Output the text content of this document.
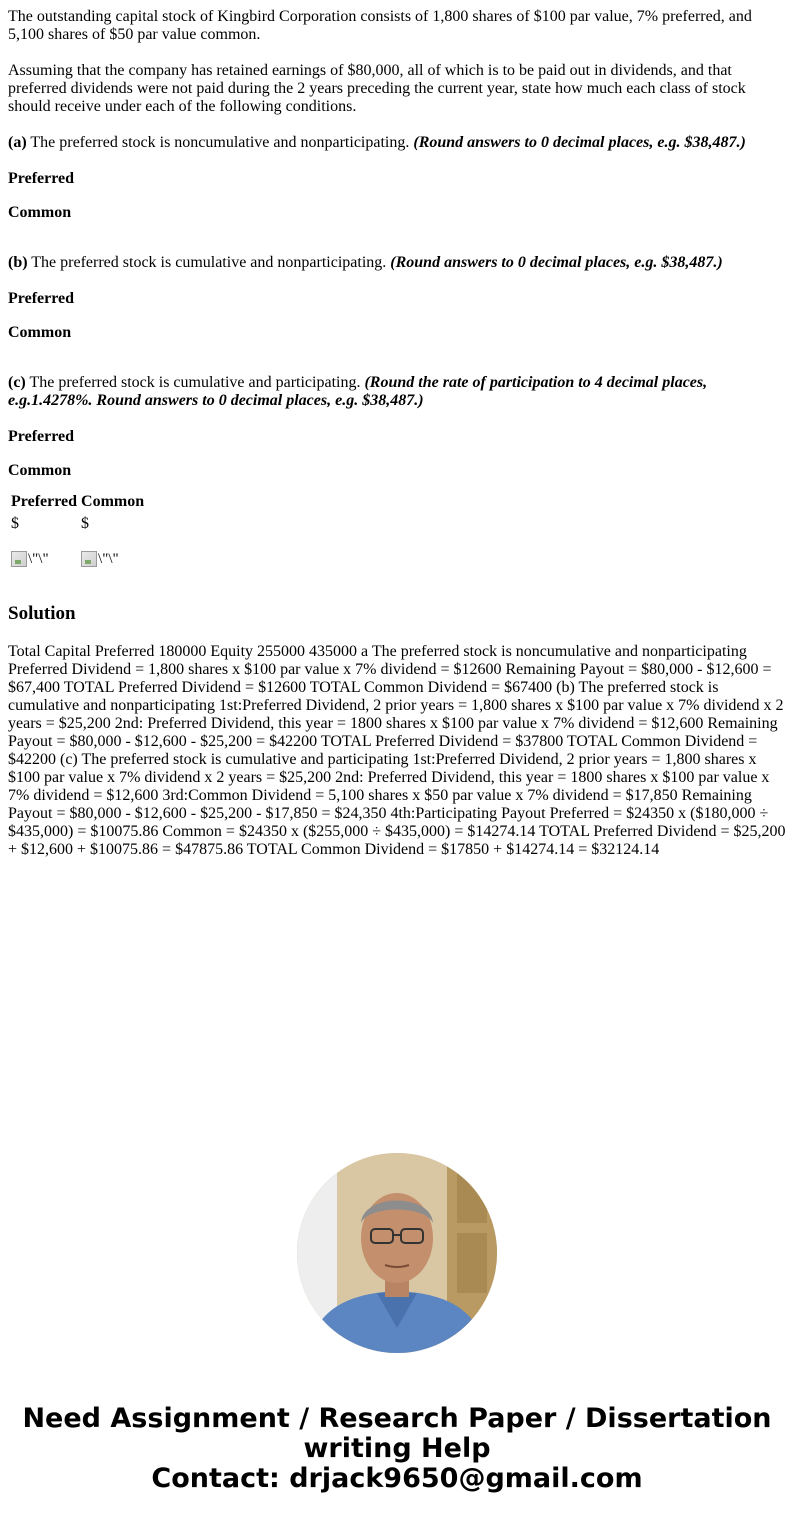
The outstanding capital stock of Kingbird Corporation consists of 1,800 shares of $100 par value, 7% preferred, and 5,100 shares of $50 par value common.

Assuming that the company has retained earnings of $80,000, all of which is to be paid out in dividends, and that preferred dividends were not paid during the 2 years preceding the current year, state how much each class of stock should receive under each of the following conditions.

(a) The preferred stock is noncumulative and nonparticipating. (Round answers to 0 decimal places, e.g. $38,487.)

Preferred
Common

(b) The preferred stock is cumulative and nonparticipating. (Round answers to 0 decimal places, e.g. $38,487.)

Preferred
Common

(c) The preferred stock is cumulative and participating. (Round the rate of participation to 4 decimal places, e.g.1.4278%. Round answers to 0 decimal places, e.g. $38,487.)

Preferred
Common
Preferred	Common
$	$

\"\"	\"\"
Solution

Total Capital Preferred 180000 Equity 255000 435000 a The preferred stock is noncumulative and nonparticipating Preferred Dividend = 1,800 shares x $100 par value x 7% dividend = $12600 Remaining Payout = $80,000 - $12,600 = $67,400 TOTAL Preferred Dividend = $12600 TOTAL Common Dividend = $67400 (b) The preferred stock is cumulative and nonparticipating 1st:Preferred Dividend, 2 prior years = 1,800 shares x $100 par value x 7% dividend x 2 years = $25,200 2nd: Preferred Dividend, this year = 1800 shares x $100 par value x 7% dividend = $12,600 Remaining Payout = $80,000 - $12,600 - $25,200 = $42200 TOTAL Preferred Dividend = $37800 TOTAL Common Dividend = $42200 (c) The preferred stock is cumulative and participating 1st:Preferred Dividend, 2 prior years = 1,800 shares x $100 par value x 7% dividend x 2 years = $25,200 2nd: Preferred Dividend, this year = 1800 shares x $100 par value x 7% dividend = $12,600 3rd:Common Dividend = 5,100 shares x $50 par value x 7% dividend = $17,850 Remaining Payout = $80,000 - $12,600 - $25,200 - $17,850 = $24,350 4th:Participating Payout Preferred = $24350 x ($180,000 ÷ $435,000) = $10075.86 Common = $24350 x ($255,000 ÷ $435,000) = $14274.14 TOTAL Preferred Dividend = $25,200 + $12,600 + $10075.86 = $47875.86 TOTAL Common Dividend = $17850 + $14274.14 = $32124.14

Need Assignment / Research Paper / Dissertation
writing Help
Contact: drjack9650@gmail.com
